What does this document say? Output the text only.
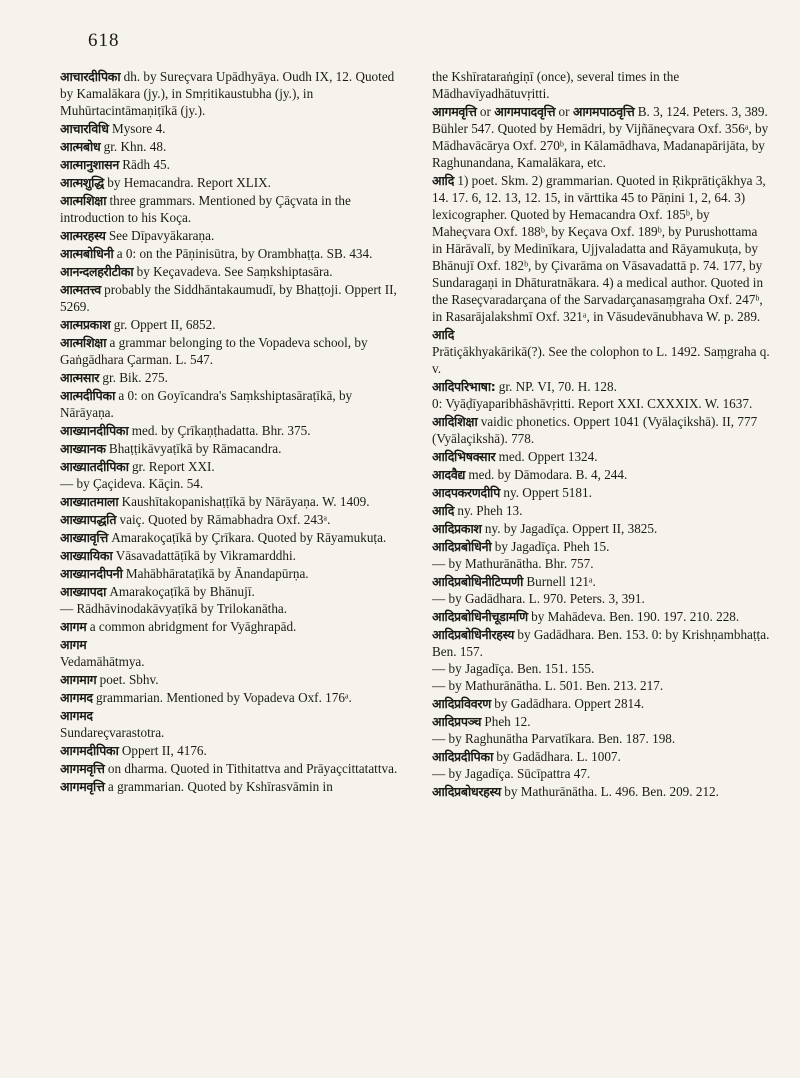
618
आचारदीपिका dh. by Sureçvara Upādhyāya. Oudh IX, 12. Quoted by Kamalākara (jy.), in Smṛitikaustubha (jy.), in Muhūrtacintāmaṇiṭīkā (jy.).
आचारविधि Mysore 4.
आत्मबोध gr. Khn. 48.
आत्मानुशासन Rādh 45.
आत्मशुद्धि by Hemacandra. Report XLIX.
आत्मशिक्षा three grammars. Mentioned by Çāçvata in the introduction to his Koça.
आत्मरहस्य See Dīpavyākaraṇa.
आत्मबोधिनी a 0: on the Pāṇinisūtra, by Orambhaṭṭa. SB. 434.
आनन्दलहरीटीका by Keçavadeva. See Saṃkshiptasāra.
आत्मतत्त्व probably the Siddhāntakaumudī, by Bhaṭṭoji. Oppert II, 5269.
आत्मप्रकाश gr. Oppert II, 6852.
आत्मशिक्षा a grammar belonging to the Vopadeva school, by Gaṅgādhara Çarman. L. 547.
आत्मसार gr. Bik. 275.
आत्मदीपिका a 0: on Goyīcandra's Saṃkshiptasāraṭīkā, by Nārāyaṇa.
आख्यानदीपिका med. by Çrīkaṇṭhadatta. Bhr. 375.
आख्यानक Bhaṭṭikāvyaṭīkā by Rāmacandra.
आख्यातदीपिका gr. Report XXI.
— by Çaçideva. Kāçin. 54.
आख्यातमाला Kaushītakopanishaṭṭīkā by Nārāyaṇa. W. 1409.
आख्यापद्धति vaiç. Quoted by Rāmabhadra Oxf. 243ᵃ.
आख्यावृत्ति Amarakoçaṭīkā by Çrīkara. Quoted by Rāyamukuṭa.
आख्यायिका Vāsavadattāṭīkā by Vikramarddhi.
आख्यानदीपनी Mahābhārataṭīkā by Ānandapūrṇa.
आख्यापदा Amarakoçaṭīkā by Bhānujī.
— Rādhāvinodakāvyaṭīkā by Trilokanātha.
आगम a common abridgment for Vyāghrapād.
आगम
Vedamāhātmya.
आगमाग poet. Sbhv.
आगमद grammarian. Mentioned by Vopadeva Oxf. 176ᵃ.
आगमद
Sundareçvarastotra.
आगमदीपिका Oppert II, 4176.
आगमवृत्ति on dharma. Quoted in Tithitattva and Prāyaçcittatattva.
आगमवृत्ति a grammarian. Quoted by Kshīrasvāmin in
the Kshīrataraṅgiṇī (once), several times in the Mādhavīyadhātuvṛitti.
आगमवृत्ति or आगमपादवृत्ति or आगमपाठवृत्ति B. 3, 124. Peters. 3, 389. Bühler 547. Quoted by Hemādri, by Vijñāneçvara Oxf. 356ᵃ, by Mādhavācārya Oxf. 270ᵇ, in Kālamādhava, Madanapārijāta, by Raghunandana, Kamalākara, etc.
आदि 1) poet. Skm. 2) grammarian. Quoted in Ṛikprātiçākhya 3, 14. 17. 6, 12. 13, 12. 15, in vārttika 45 to Pāṇini 1, 2, 64. 3) lexicographer. Quoted by Hemacandra Oxf. 185ᵇ, by Maheçvara Oxf. 188ᵇ, by Keçava Oxf. 189ᵇ, by Purushottama in Hārāvalī, by Medinīkara, Ujjvaladatta and Rāyamukuṭa, by Bhānujī Oxf. 182ᵇ, by Çivarāma on Vāsavadattā p. 74. 177, by Sundaragaṇi in Dhāturatnākara. 4) a medical author. Quoted in the Raseçvaradarçana of the Sarvadarçanasaṃgraha Oxf. 247ᵇ, in Rasarājalakshmī Oxf. 321ᵃ, in Vāsudevānubhava W. p. 289.
आदि
Prātiçākhyakārikā(?). See the colophon to L. 1492. Saṃgraha q. v.
आदिपरिभाषा: gr. NP. VI, 70. H. 128.
0: Vyāḍīyaparibhāshāvṛitti. Report XXI. CXXXIX. W. 1637.
आदिशिक्षा vaidic phonetics. Oppert 1041 (Vyālaçikshā). II, 777 (Vyālaçikshā). 778.
आदिभिषक्सार med. Oppert 1324.
आदवैद्य med. by Dāmodara. B. 4, 244.
आदपकरणदीपि ny. Oppert 5181.
आदि ny. Pheh 13.
आदिप्रकाश ny. by Jagadīça. Oppert II, 3825.
आदिप्रबोधिनी by Jagadīça. Pheh 15.
— by Mathurānātha. Bhr. 757.
आदिप्रबोधिनीटिप्पणी Burnell 121ᵃ.
— by Gadādhara. L. 970. Peters. 3, 391.
आदिप्रबोधिनीचूडामणि by Mahādeva. Ben. 190. 197. 210. 228.
आदिप्रबोधिनीरहस्य by Gadādhara. Ben. 153. 0: by Krishṇambhaṭṭa. Ben. 157.
— by Jagadīça. Ben. 151. 155.
— by Mathurānātha. L. 501. Ben. 213. 217.
आदिप्रविवरण by Gadādhara. Oppert 2814.
आदिप्रपञ्च Pheh 12.
— by Raghunātha Parvatīkara. Ben. 187. 198.
आदिप्रदीपिका by Gadādhara. L. 1007.
— by Jagadīça. Sūcīpattra 47.
आदिप्रबोधरहस्य by Mathurānātha. L. 496. Ben. 209. 212.
